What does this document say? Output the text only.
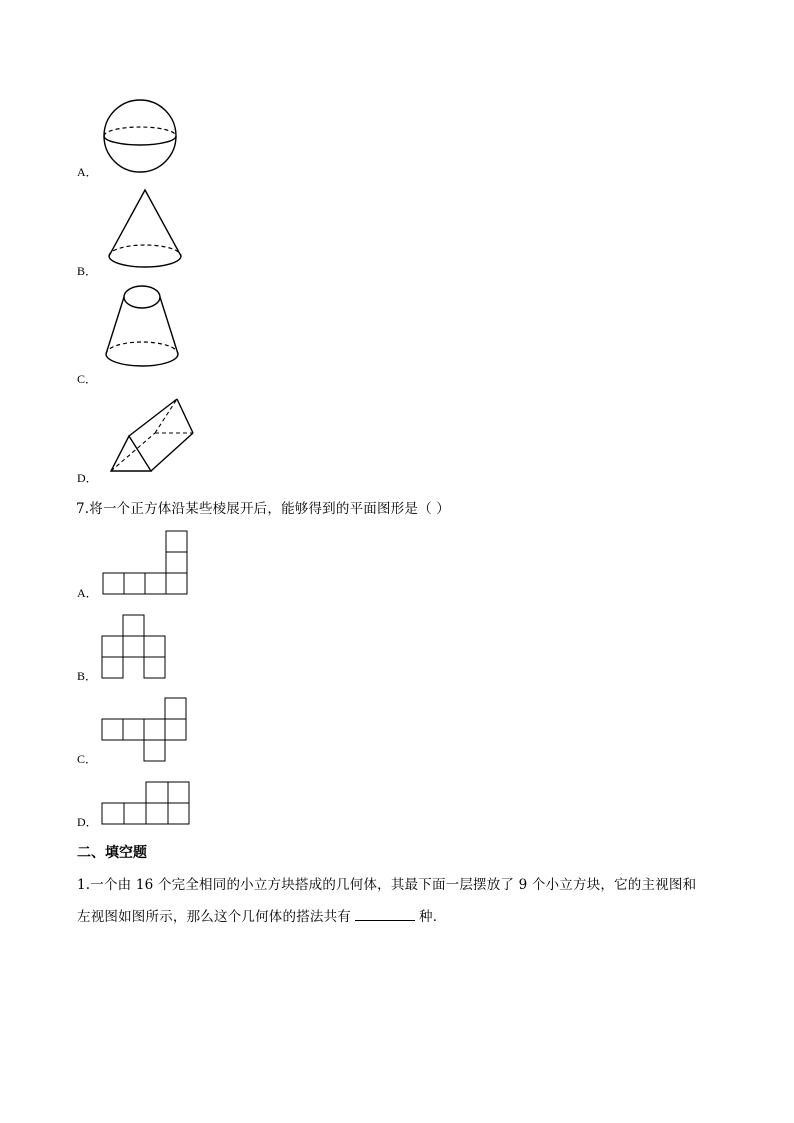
A．
B．
C．
D．
7.将一个正方体沿某些棱展开后，能够得到的平面图形是（ ）
A．
B．
C．
D．
二、填空题
1.一个由 16 个完全相同的小立方块搭成的几何体，其最下面一层摆放了 9 个小立方块，它的主视图和
左视图如图所示，那么这个几何体的搭法共有	种．
